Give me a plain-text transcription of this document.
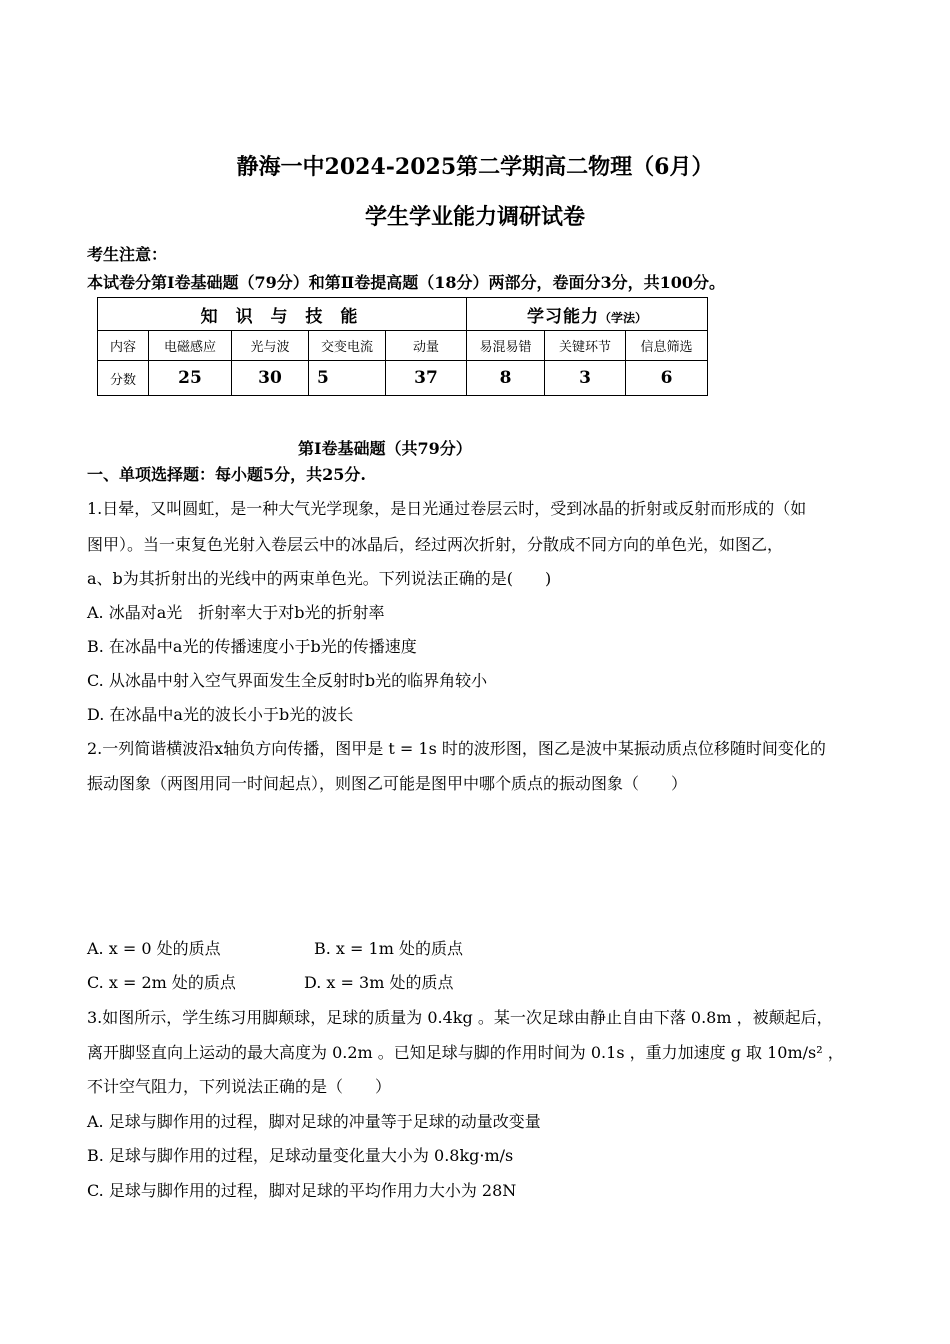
静海一中2024-2025第二学期高二物理（6月）
学生学业能力调研试卷
考生注意：
本试卷分第Ⅰ卷基础题（79分）和第Ⅱ卷提高题（18分）两部分，卷面分3分，共100分。
知 识 与 技 能					学习能力（学法）		
内容	电磁感应	光与波	交变电流	动量	易混易错	关键环节	信息筛选
分数	25	30	5	37	8	3	6
第Ⅰ卷基础题（共79分）
一、单项选择题：每小题5分，共25分.
1.日晕，又叫圆虹，是一种大气光学现象，是日光通过卷层云时，受到冰晶的折射或反射而形成的（如
图甲）。当一束复色光射入卷层云中的冰晶后，经过两次折射，分散成不同方向的单色光，如图乙，
a、b为其折射出的光线中的两束单色光。下列说法正确的是(　　)
A. 冰晶对a光　折射率大于对b光的折射率
B. 在冰晶中a光的传播速度小于b光的传播速度
C. 从冰晶中射入空气界面发生全反射时b光的临界角较小
D. 在冰晶中a光的波长小于b光的波长
2.一列简谐横波沿x轴负方向传播，图甲是 t = 1s 时的波形图，图乙是波中某振动质点位移随时间变化的
振动图象（两图用同一时间起点），则图乙可能是图甲中哪个质点的振动图象（　　）
A. x = 0 处的质点	B. x = 1m 处的质点
C. x = 2m 处的质点	D. x = 3m 处的质点
3.如图所示，学生练习用脚颠球，足球的质量为 0.4kg 。某一次足球由静止自由下落 0.8m ，被颠起后，
离开脚竖直向上运动的最大高度为 0.2m 。已知足球与脚的作用时间为 0.1s ，重力加速度 g 取 10m/s² ，
不计空气阻力，下列说法正确的是（　　）
A. 足球与脚作用的过程，脚对足球的冲量等于足球的动量改变量
B. 足球与脚作用的过程，足球动量变化量大小为 0.8kg·m/s
C. 足球与脚作用的过程，脚对足球的平均作用力大小为 28N
